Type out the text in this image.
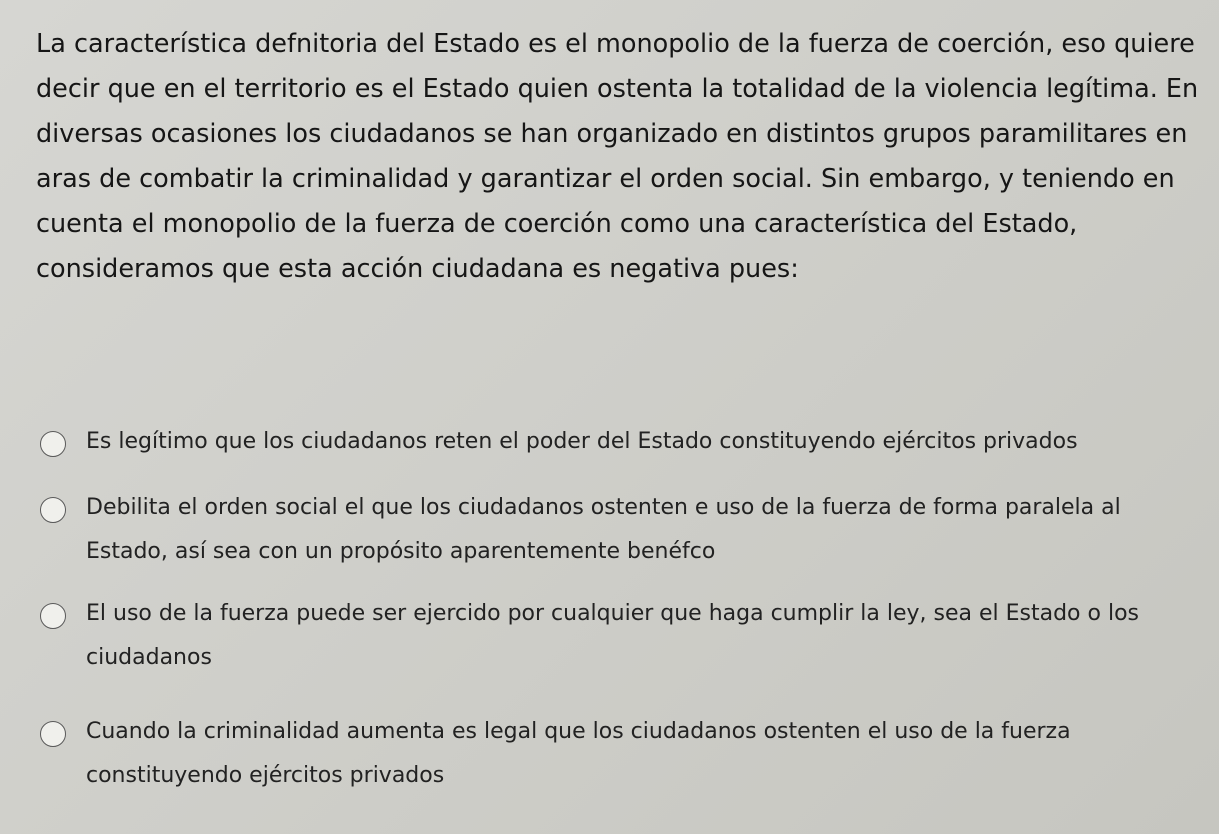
La característica defnitoria del Estado es el monopolio de la fuerza de coerción, eso quiere decir que en el territorio es el Estado quien ostenta la totalidad de la violencia legítima. En diversas ocasiones los ciudadanos se han organizado en distintos grupos paramilitares en aras de combatir la criminalidad y garantizar el orden social. Sin embargo, y teniendo en cuenta el monopolio de la fuerza de coerción como una característica del Estado, consideramos que esta acción ciudadana es negativa pues:

Es legítimo que los ciudadanos reten el poder del Estado constituyendo ejércitos privados
Debilita el orden social el que los ciudadanos ostenten e uso de la fuerza de forma paralela al Estado, así sea con un propósito aparentemente benéfco
El uso de la fuerza puede ser ejercido por cualquier que haga cumplir la ley, sea el Estado o los ciudadanos
Cuando la criminalidad aumenta es legal que los ciudadanos ostenten el uso de la fuerza constituyendo ejércitos privados
